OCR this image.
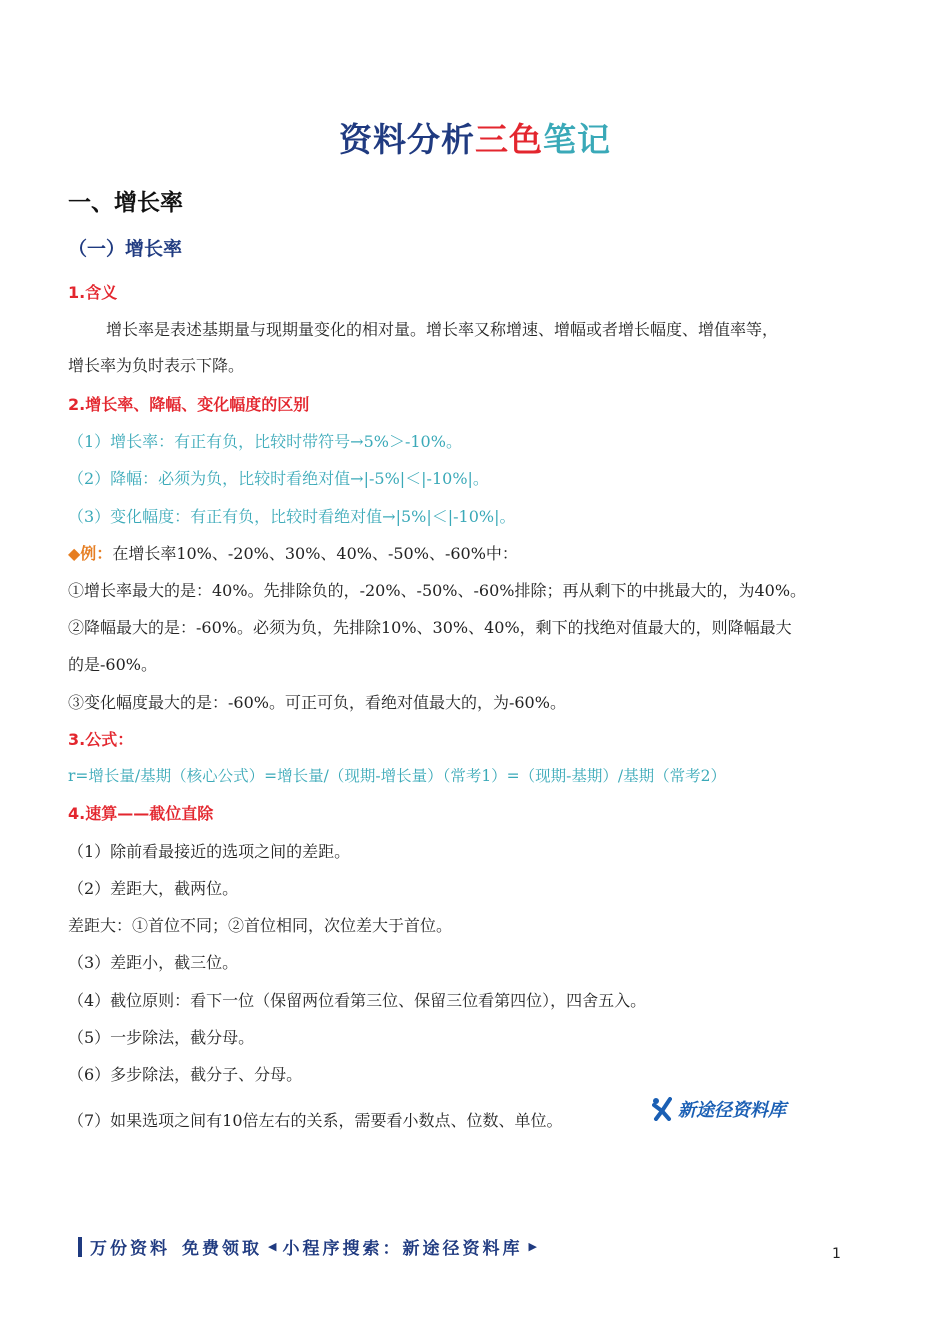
资料分析三色笔记
一、增长率
（一）增长率
1.含义
增长率是表述基期量与现期量变化的相对量。增长率又称增速、增幅或者增长幅度、增值率等，
增长率为负时表示下降。
2.增长率、降幅、变化幅度的区别
（1）增长率：有正有负，比较时带符号→5%＞-10%。
（2）降幅：必须为负，比较时看绝对值→|-5%|＜|-10%|。
（3）变化幅度：有正有负，比较时看绝对值→|5%|＜|-10%|。
◆例：在增长率10%、-20%、30%、40%、-50%、-60%中：
①增长率最大的是：40%。先排除负的，-20%、-50%、-60%排除；再从剩下的中挑最大的，为40%。
②降幅最大的是：-60%。必须为负，先排除10%、30%、40%，剩下的找绝对值最大的，则降幅最大
的是-60%。
③变化幅度最大的是：-60%。可正可负，看绝对值最大的，为-60%。
3.公式：
r=增长量/基期（核心公式）=增长量/（现期-增长量）（常考1）=（现期-基期）/基期（常考2）
4.速算——截位直除
（1）除前看最接近的选项之间的差距。
（2）差距大，截两位。
差距大：①首位不同；②首位相同，次位差大于首位。
（3）差距小，截三位。
（4）截位原则：看下一位（保留两位看第三位、保留三位看第四位），四舍五入。
（5）一步除法，截分母。
（6）多步除法，截分子、分母。
（7）如果选项之间有10倍左右的关系，需要看小数点、位数、单位。	新途径资料库
万份资料 免费领取 ◀ 小程序搜索：新途径资料库 ▶	1
